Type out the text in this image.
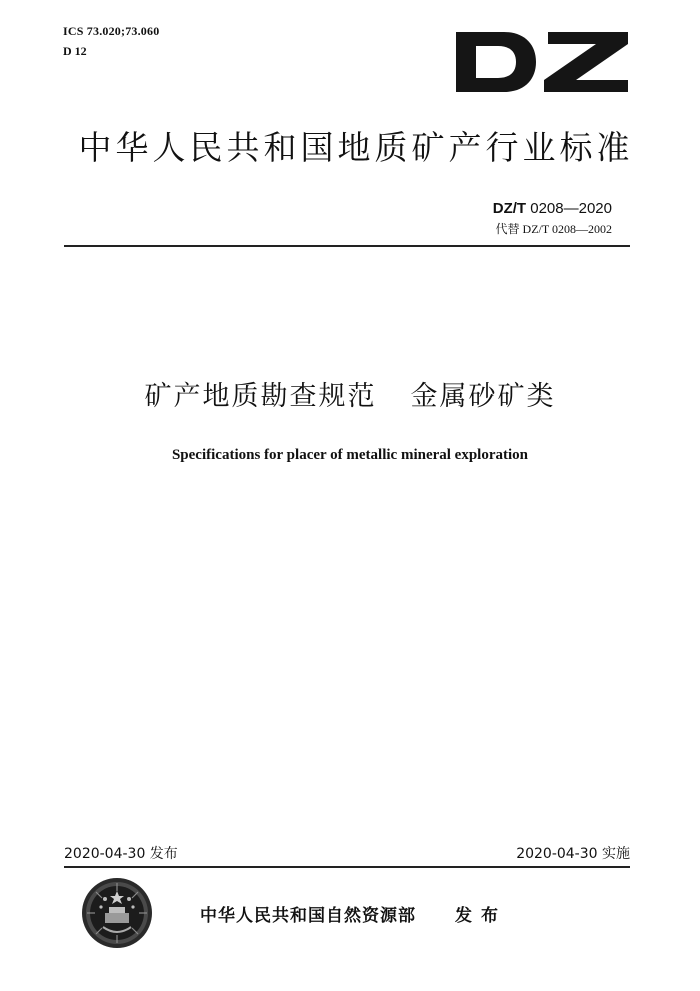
ICS 73.020;73.060
D 12
中华人民共和国地质矿产行业标准
DZ/T 0208—2020
代替 DZ/T 0208—2002
矿产地质勘查规范 金属砂矿类
Specifications for placer of metallic mineral exploration
2020-04-30 发布	2020-04-30 实施
中华人民共和国自然资源部 发布
